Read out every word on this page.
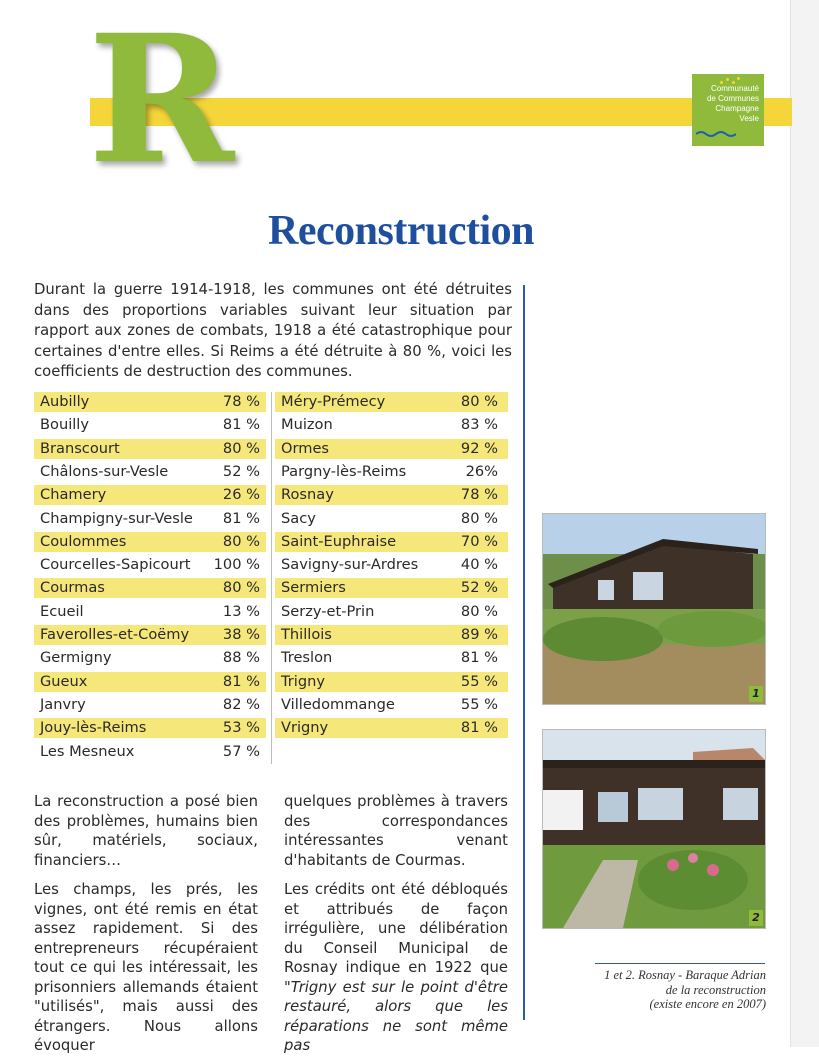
R	Communauté
de Communes
Champagne
Vesle
Reconstruction

Durant la guerre 1914-1918, les communes ont été détruites dans des proportions variables suivant leur situation par rapport aux zones de combats, 1918 a été catastrophique pour certaines d'entre elles. Si Reims a été détruite à 80 %, voici les coefficients de destruction des communes.

Aubilly	78 %
Bouilly	81 %
Branscourt	80 %
Châlons-sur-Vesle	52 %
Chamery	26 %
Champigny-sur-Vesle 81 %
Coulommes	80 %
Courcelles-Sapicourt 100 %
Courmas	80 %
Ecueil	13 %
Faverolles-et-Coëmy 38 %
Germigny	88 %
Gueux	81 %
Janvry	82 %
Jouy-lès-Reims	53 %
Les Mesneux	57 %
Méry-Prémecy	80 %
Muizon	83 %
Ormes	92 %
Pargny-lès-Reims	26%
Rosnay	78 %
Sacy	80 %
Saint-Euphraise	70 %
Savigny-sur-Ardres	40 %
Sermiers	52 %
Serzy-et-Prin	80 %
Thillois	89 %
Treslon	81 %
Trigny	55 %
Villedommange	55 %
Vrigny	81 %

La reconstruction a posé bien des problèmes, humains bien sûr, matériels, sociaux, financiers…

Les champs, les prés, les vignes, ont été remis en état assez rapidement. Si des entrepreneurs récupéraient tout ce qui les intéressait, les prisonniers allemands étaient "utilisés", mais aussi des étrangers. Nous allons évoquer

quelques problèmes à travers des correspondances intéressantes venant d'habitants de Courmas.

Les crédits ont été débloqués et attribués de façon irrégulière, une délibération du Conseil Municipal de Rosnay indique en 1922 que "Trigny est sur le point d'être restauré, alors que les réparations ne sont même pas

1
2
1 et 2. Rosnay - Baraque Adrian
de la reconstruction
(existe encore en 2007)
